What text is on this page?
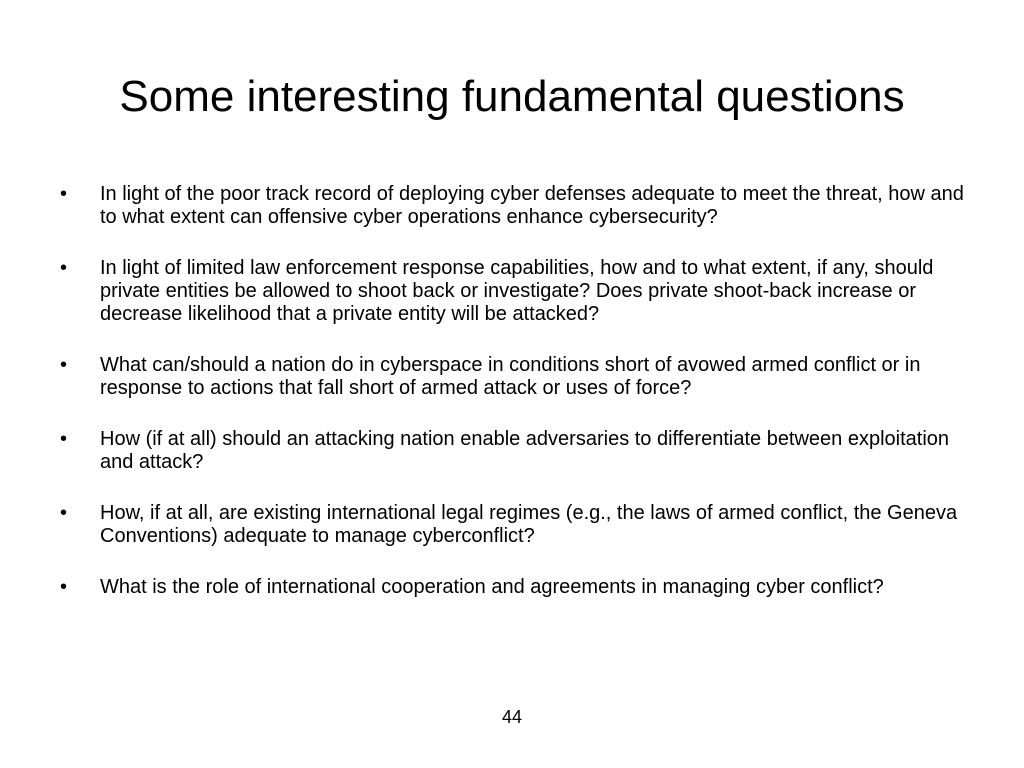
Some interesting fundamental questions
•	In light of the poor track record of deploying cyber defenses adequate to meet the threat, how and to what extent can offensive cyber operations enhance cybersecurity?
•	In light of limited law enforcement response capabilities, how and to what extent, if any, should private entities be allowed to shoot back or investigate? Does private shoot-back increase or decrease likelihood that a private entity will be attacked?
•	What can/should a nation do in cyberspace in conditions short of avowed armed conflict or in response to actions that fall short of armed attack or uses of force?
•	How (if at all) should an attacking nation enable adversaries to differentiate between exploitation and attack?
•	How, if at all, are existing international legal regimes (e.g., the laws of armed conflict, the Geneva Conventions) adequate to manage cyberconflict?
•	What is the role of international cooperation and agreements in managing cyber conflict?
44
